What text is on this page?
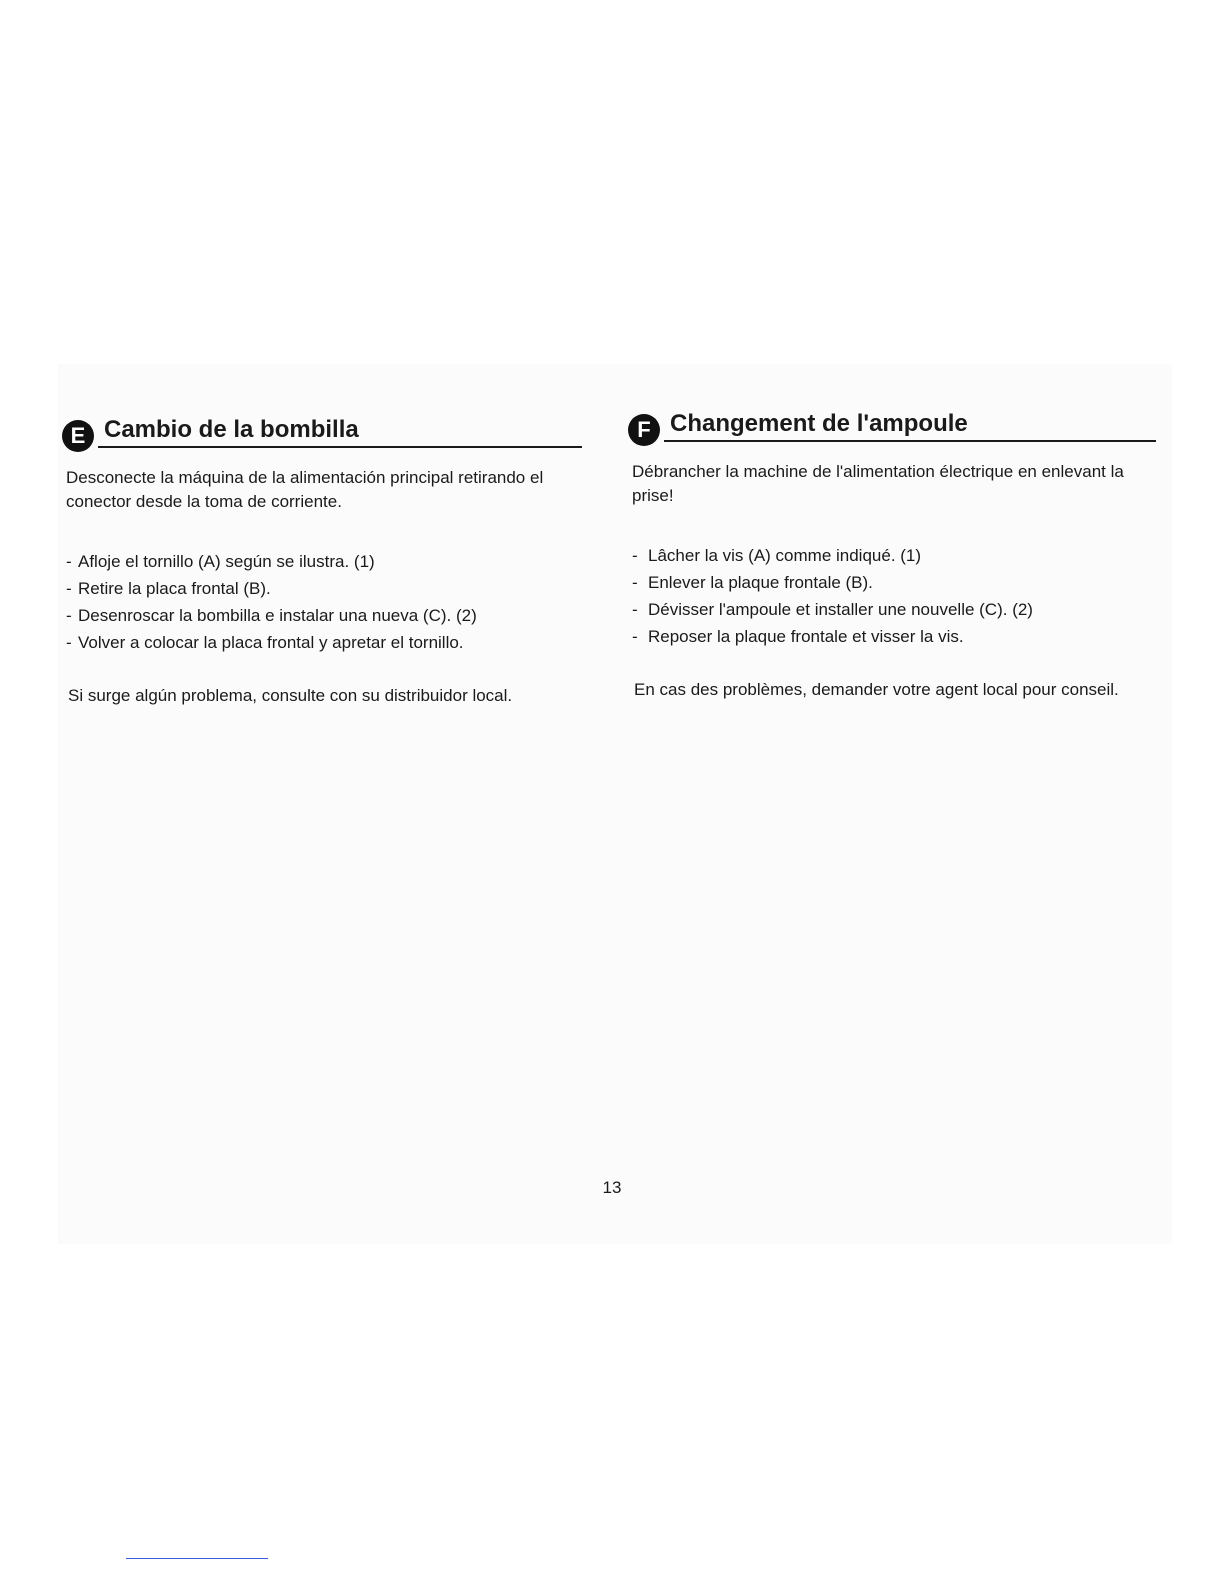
E Cambio de la bombilla

Desconecte la máquina de la alimentación principal retirando el conector desde la toma de corriente.

- Afloje el tornillo (A) según se ilustra. (1)
- Retire la placa frontal (B).
- Desenroscar la bombilla e instalar una nueva (C). (2)
- Volver a colocar la placa frontal y apretar el tornillo.

Si surge algún problema, consulte con su distribuidor local.

F Changement de l'ampoule

Débrancher la machine de l'alimentation électrique en enlevant la prise!

- Lâcher la vis (A) comme indiqué. (1)
- Enlever la plaque frontale (B).
- Dévisser l'ampoule et installer une nouvelle (C). (2)
- Reposer la plaque frontale et visser la vis.

En cas des problèmes, demander votre agent local pour conseil.

13
